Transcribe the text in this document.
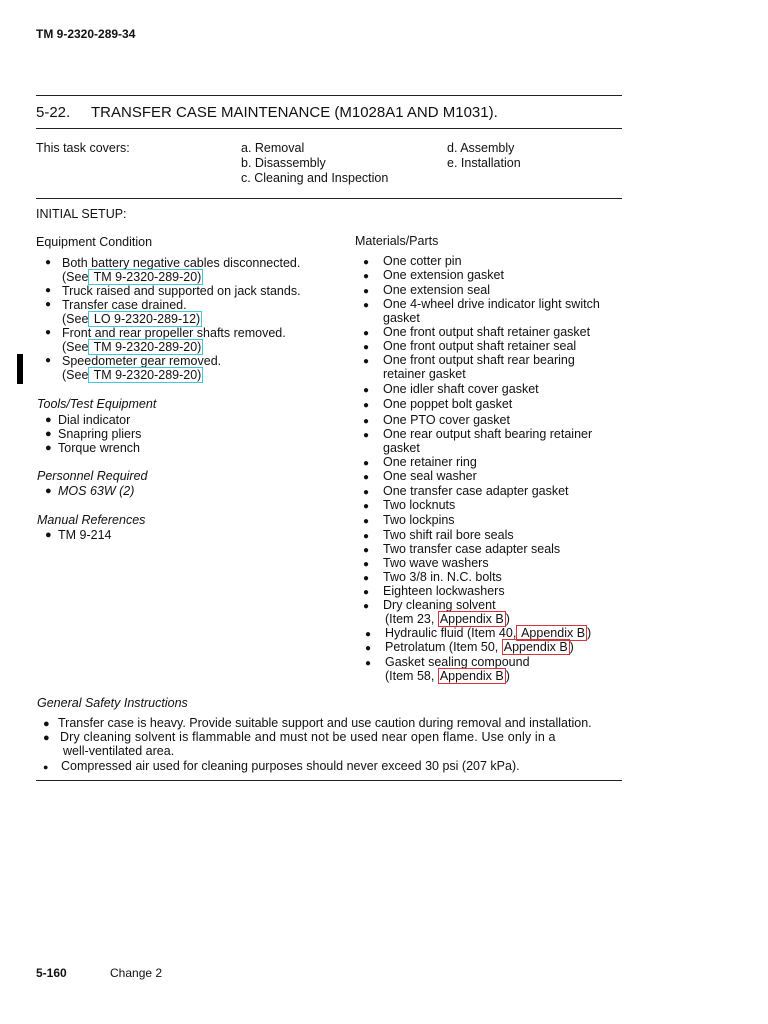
TM 9-2320-289-34
5-22. TRANSFER CASE MAINTENANCE (M1028A1 AND M1031).
This task covers:	a. Removal
b. Disassembly
c. Cleaning and Inspection
d. Assembly
e. Installation
INITIAL SETUP:
Equipment Condition
● Both battery negative cables disconnected.
(See TM 9-2320-289-20)
● Truck raised and supported on jack stands.
● Transfer case drained.
(See LO 9-2320-289-12)
● Front and rear propeller shafts removed.
(See TM 9-2320-289-20)
● Speedometer gear removed.
(See TM 9-2320-289-20)
Tools/Test Equipment
● Dial indicator
● Snapring pliers
● Torque wrench
Personnel Required
● MOS 63W (2)
Manual References
● TM 9-214
Materials/Parts
● One cotter pin
● One extension gasket
● One extension seal
● One 4-wheel drive indicator light switch
gasket
● One front output shaft retainer gasket
● One front output shaft retainer seal
● One front output shaft rear bearing
retainer gasket
● One idler shaft cover gasket
● One poppet bolt gasket
● One PTO cover gasket
● One rear output shaft bearing retainer
gasket
● One retainer ring
● One seal washer
● One transfer case adapter gasket
● Two locknuts
● Two lockpins
● Two shift rail bore seals
● Two transfer case adapter seals
● Two wave washers
● Two 3/8 in. N.C. bolts
● Eighteen lockwashers
● Dry cleaning solvent
(Item 23, Appendix B )
● Hydraulic fluid (Item 40, Appendix B )
● Petrolatum (Item 50, Appendix B )
● Gasket sealing compound
(Item 58, Appendix B )
General Safety Instructions
● Transfer case is heavy. Provide suitable support and use caution during removal and installation.
● Dry cleaning solvent is flammable and must not be used near open flame. Use only in a
well-ventilated area.
● Compressed air used for cleaning purposes should never exceed 30 psi (207 kPa).
5-160	Change 2
